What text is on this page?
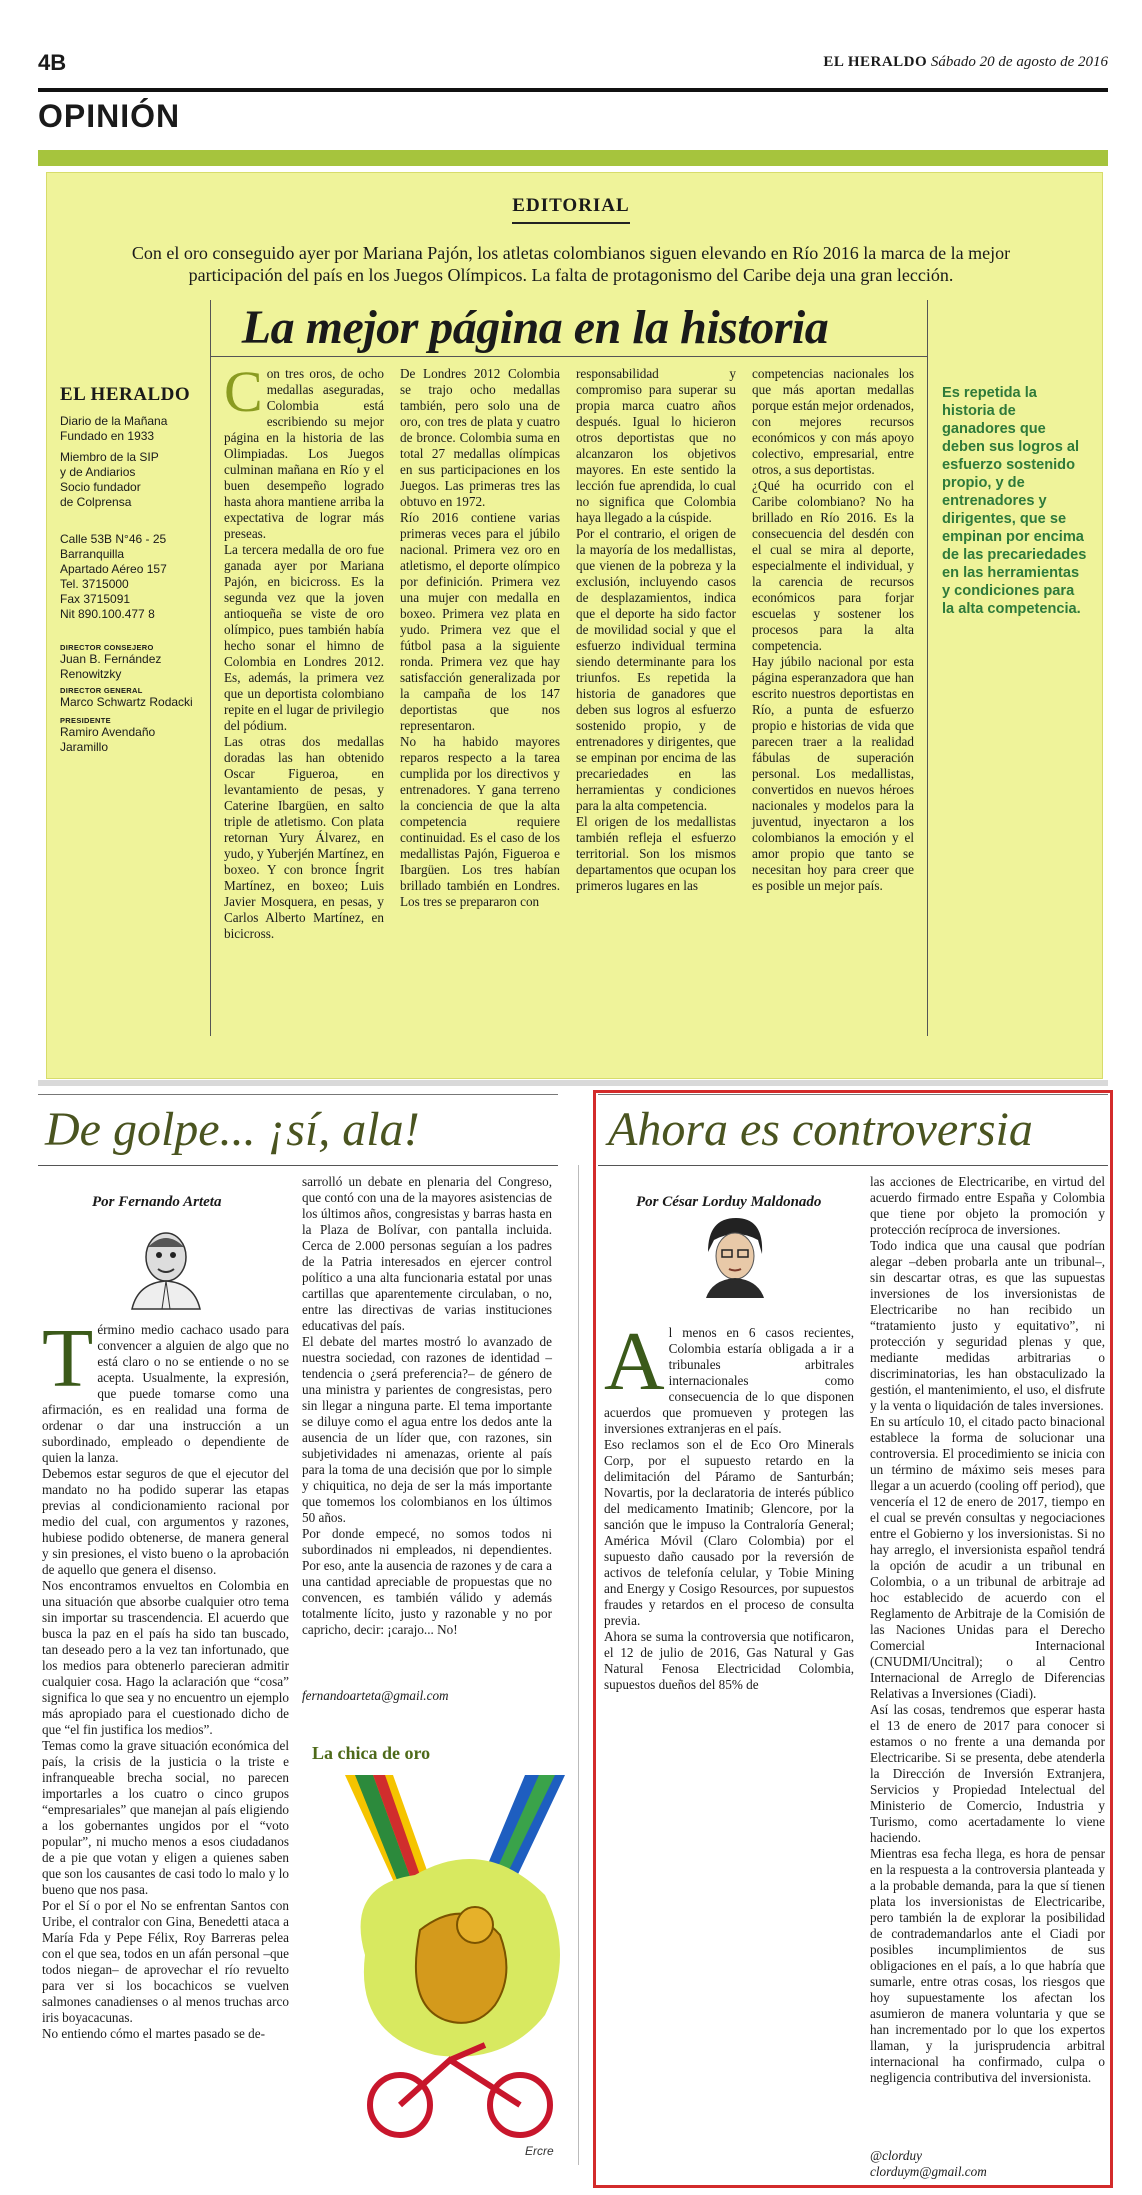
4B	EL HERALDO Sábado 20 de agosto de 2016
OPINIÓN
EDITORIAL
Con el oro conseguido ayer por Mariana Pajón, los atletas colombianos siguen elevando en Río 2016 la marca de la mejor participación del país en los Juegos Olímpicos. La falta de protagonismo del Caribe deja una gran lección.
La mejor página en la historia
EL HERALDO
Diario de la Mañana
Fundado en 1933
Miembro de la SIP
y de Andiarios
Socio fundador
de Colprensa
Calle 53B N°46 - 25
Barranquilla
Apartado Aéreo 157
Tel. 3715000
Fax 3715091
Nit 890.100.477 8
DIRECTOR CONSEJERO
Juan B. Fernández
Renowitzky
DIRECTOR GENERAL
Marco Schwartz Rodacki
PRESIDENTE
Ramiro Avendaño Jaramillo
Con tres oros, de ocho medallas aseguradas, Colombia está escribiendo su mejor página en la historia de las Olimpiadas. Los Juegos culminan mañana en Río y el buen desempeño logrado hasta ahora mantiene arriba la expectativa de lograr más preseas.
La tercera medalla de oro fue ganada ayer por Mariana Pajón, en bicicross. Es la segunda vez que la joven antioqueña se viste de oro olímpico, pues también había hecho sonar el himno de Colombia en Londres 2012. Es, además, la primera vez que un deportista colombiano repite en el lugar de privilegio del pódium.
Las otras dos medallas doradas las han obtenido Oscar Figueroa, en levantamiento de pesas, y Caterine Ibargüen, en salto triple de atletismo. Con plata retornan Yury Álvarez, en yudo, y Yuberjén Martínez, en boxeo. Y con bronce Íngrit Martínez, en boxeo; Luis Javier Mosquera, en pesas, y Carlos Alberto Martínez, en bicicross.
De Londres 2012 Colombia se trajo ocho medallas también, pero solo una de oro, con tres de plata y cuatro de bronce. Colombia suma en total 27 medallas olímpicas en sus participaciones en los Juegos. Las primeras tres las obtuvo en 1972.
Río 2016 contiene varias primeras veces para el júbilo nacional. Primera vez oro en atletismo, el deporte olímpico por definición. Primera vez una mujer con medalla en boxeo. Primera vez plata en yudo. Primera vez que el fútbol pasa a la siguiente ronda. Primera vez que hay satisfacción generalizada por la campaña de los 147 deportistas que nos representaron.
No ha habido mayores reparos respecto a la tarea cumplida por los directivos y entrenadores. Y gana terreno la conciencia de que la alta competencia requiere continuidad. Es el caso de los medallistas Pajón, Figueroa e Ibargüen. Los tres habían brillado también en Londres. Los tres se prepararon con
responsabilidad y compromiso para superar su propia marca cuatro años después. Igual lo hicieron otros deportistas que no alcanzaron los objetivos mayores. En este sentido la lección fue aprendida, lo cual no significa que Colombia haya llegado a la cúspide.
Por el contrario, el origen de la mayoría de los medallistas, que vienen de la pobreza y la exclusión, incluyendo casos de desplazamientos, indica que el deporte ha sido factor de movilidad social y que el esfuerzo individual termina siendo determinante para los triunfos. Es repetida la historia de ganadores que deben sus logros al esfuerzo sostenido propio, y de entrenadores y dirigentes, que se empinan por encima de las precariedades en las herramientas y condiciones para la alta competencia.
El origen de los medallistas también refleja el esfuerzo territorial. Son los mismos departamentos que ocupan los primeros lugares en las
competencias nacionales los que más aportan medallas porque están mejor ordenados, con mejores recursos económicos y con más apoyo colectivo, empresarial, entre otros, a sus deportistas.
¿Qué ha ocurrido con el Caribe colombiano? No ha brillado en Río 2016. Es la consecuencia del desdén con el cual se mira al deporte, especialmente el individual, y la carencia de recursos económicos para forjar escuelas y sostener los procesos para la alta competencia.
Hay júbilo nacional por esta página esperanzadora que han escrito nuestros deportistas en Río, a punta de esfuerzo propio e historias de vida que parecen traer a la realidad fábulas de superación personal. Los medallistas, convertidos en nuevos héroes nacionales y modelos para la juventud, inyectaron a los colombianos la emoción y el amor propio que tanto se necesitan hoy para creer que es posible un mejor país.
Es repetida la historia de ganadores que deben sus logros al esfuerzo sostenido propio, y de entrenadores y dirigentes, que se empinan por encima de las precariedades en las herramientas y condiciones para la alta competencia.
De golpe... ¡sí, ala!
Por Fernando Arteta
Término medio cachaco usado para convencer a alguien de algo que no está claro o no se entiende o no se acepta. Usualmente, la expresión, que puede tomarse como una afirmación, es en realidad una forma de ordenar o dar una instrucción a un subordinado, empleado o dependiente de quien la lanza.
Debemos estar seguros de que el ejecutor del mandato no ha podido superar las etapas previas al condicionamiento racional por medio del cual, con argumentos y razones, hubiese podido obtenerse, de manera general y sin presiones, el visto bueno o la aprobación de aquello que genera el disenso.
Nos encontramos envueltos en Colombia en una situación que absorbe cualquier otro tema sin importar su trascendencia. El acuerdo que busca la paz en el país ha sido tan buscado, tan deseado pero a la vez tan infortunado, que los medios para obtenerlo parecieran admitir cualquier cosa. Hago la aclaración que “cosa” significa lo que sea y no encuentro un ejemplo más apropiado para el cuestionado dicho de que “el fin justifica los medios”.
Temas como la grave situación económica del país, la crisis de la justicia o la triste e infranqueable brecha social, no parecen importarles a los cuatro o cinco grupos “empresariales” que manejan al país eligiendo a los gobernantes ungidos por el “voto popular”, ni mucho menos a esos ciudadanos de a pie que votan y eligen a quienes saben que son los causantes de casi todo lo malo y lo bueno que nos pasa.
Por el Sí o por el No se enfrentan Santos con Uribe, el contralor con Gina, Benedetti ataca a María Fda y Pepe Félix, Roy Barreras pelea con el que sea, todos en un afán personal –que todos niegan– de aprovechar el río revuelto para ver si los bocachicos se vuelven salmones canadienses o al menos truchas arco iris boyacacunas.
No entiendo cómo el martes pasado se de-
sarrolló un debate en plenaria del Congreso, que contó con una de la mayores asistencias de los últimos años, congresistas y barras hasta en la Plaza de Bolívar, con pantalla incluida. Cerca de 2.000 personas seguían a los padres de la Patria interesados en ejercer control político a una alta funcionaria estatal por unas cartillas que aparentemente circulaban, o no, entre las directivas de varias instituciones educativas del país.
El debate del martes mostró lo avanzado de nuestra sociedad, con razones de identidad –tendencia o ¿será preferencia?– de género de una ministra y parientes de congresistas, pero sin llegar a ninguna parte. El tema importante se diluye como el agua entre los dedos ante la ausencia de un líder que, con razones, sin subjetividades ni amenazas, oriente al país para la toma de una decisión que por lo simple y chiquitica, no deja de ser la más importante que tomemos los colombianos en los últimos 50 años.
Por donde empecé, no somos todos ni subordinados ni empleados, ni dependientes. Por eso, ante la ausencia de razones y de cara a una cantidad apreciable de propuestas que no convencen, es también válido y además totalmente lícito, justo y razonable y no por capricho, decir: ¡carajo... No!
fernandoarteta@gmail.com
La chica de oro
Ercre
Ahora es controversia
Por César Lorduy Maldonado
Al menos en 6 casos recientes, Colombia estaría obligada a ir a tribunales arbitrales internacionales como consecuencia de lo que disponen acuerdos que promueven y protegen las inversiones extranjeras en el país.
Eso reclamos son el de Eco Oro Minerals Corp, por el supuesto retardo en la delimitación del Páramo de Santurbán; Novartis, por la declaratoria de interés público del medicamento Imatinib; Glencore, por la sanción que le impuso la Contraloría General; América Móvil (Claro Colombia) por el supuesto daño causado por la reversión de activos de telefonía celular, y Tobie Mining and Energy y Cosigo Resources, por supuestos fraudes y retardos en el proceso de consulta previa.
Ahora se suma la controversia que notificaron, el 12 de julio de 2016, Gas Natural y Gas Natural Fenosa Electricidad Colombia, supuestos dueños del 85% de
las acciones de Electricaribe, en virtud del acuerdo firmado entre España y Colombia que tiene por objeto la promoción y protección recíproca de inversiones.
Todo indica que una causal que podrían alegar –deben probarla ante un tribunal–, sin descartar otras, es que las supuestas inversiones de los inversionistas de Electricaribe no han recibido un “tratamiento justo y equitativo”, ni protección y seguridad plenas y que, mediante medidas arbitrarias o discriminatorias, les han obstaculizado la gestión, el mantenimiento, el uso, el disfrute y la venta o liquidación de tales inversiones.
En su artículo 10, el citado pacto binacional establece la forma de solucionar una controversia. El procedimiento se inicia con un término de máximo seis meses para llegar a un acuerdo (cooling off period), que vencería el 12 de enero de 2017, tiempo en el cual se prevén consultas y negociaciones entre el Gobierno y los inversionistas. Si no hay arreglo, el inversionista español tendrá la opción de acudir a un tribunal en Colombia, o a un tribunal de arbitraje ad hoc establecido de acuerdo con el Reglamento de Arbitraje de la Comisión de las Naciones Unidas para el Derecho Comercial Internacional (CNUDMI/Uncitral); o al Centro Internacional de Arreglo de Diferencias Relativas a Inversiones (Ciadi).
Así las cosas, tendremos que esperar hasta el 13 de enero de 2017 para conocer si estamos o no frente a una demanda por Electricaribe. Si se presenta, debe atenderla la Dirección de Inversión Extranjera, Servicios y Propiedad Intelectual del Ministerio de Comercio, Industria y Turismo, como acertadamente lo viene haciendo.
Mientras esa fecha llega, es hora de pensar en la respuesta a la controversia planteada y a la probable demanda, para la que sí tienen plata los inversionistas de Electricaribe, pero también la de explorar la posibilidad de contrademandarlos ante el Ciadi por posibles incumplimientos de sus obligaciones en el país, a lo que habría que sumarle, entre otras cosas, los riesgos que hoy supuestamente los afectan los asumieron de manera voluntaria y que se han incrementado por lo que los expertos llaman, y la jurisprudencia arbitral internacional ha confirmado, culpa o negligencia contributiva del inversionista.
@clorduy
clorduym@gmail.com
